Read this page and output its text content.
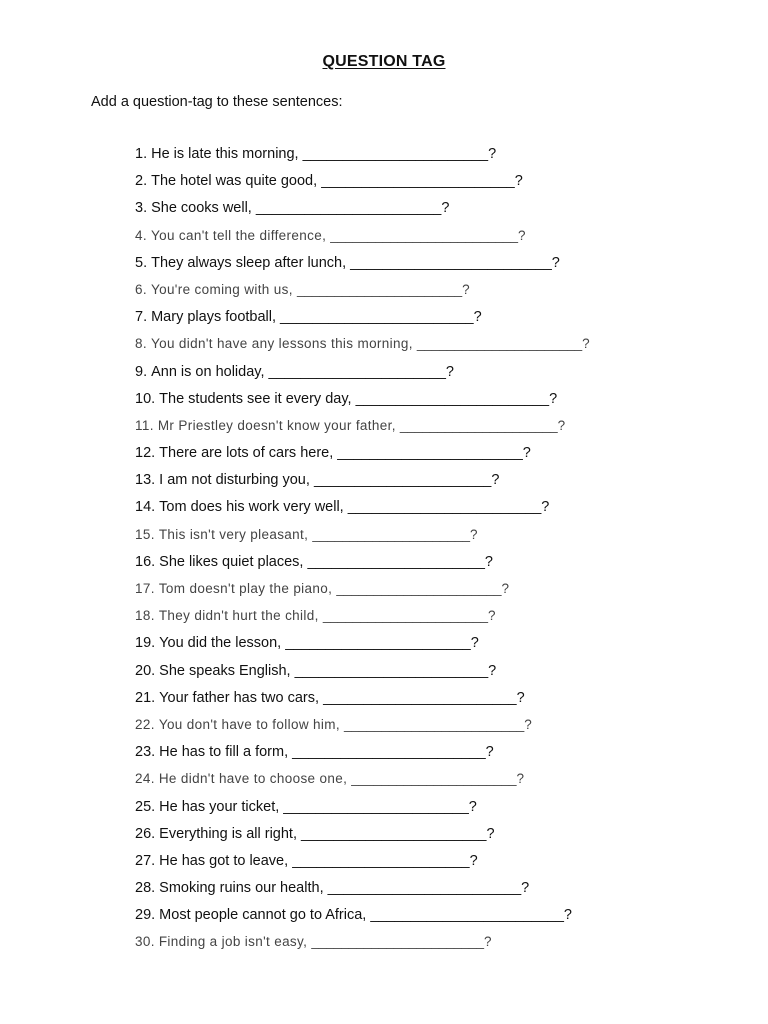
QUESTION TAG
Add a question-tag to these sentences:
1. He is late this morning, _______________________?
2. The hotel was quite good, ________________________?
3. She cooks well, _______________________?
4. You can't tell the difference, _________________________?
5. They always sleep after lunch, _________________________?
6. You're coming with us, ______________________?
7. Mary plays football, ________________________?
8. You didn't have any lessons this morning, ______________________?
9. Ann is on holiday, ______________________?
10. The students see it every day, ________________________?
11. Mr Priestley doesn't know your father, _____________________?
12. There are lots of cars here, _______________________?
13. I am not disturbing you, ______________________?
14. Tom does his work very well, ________________________?
15. This isn't very pleasant, _____________________?
16. She likes quiet places, ______________________?
17. Tom doesn't play the piano, ______________________?
18. They didn't hurt the child, ______________________?
19. You did the lesson, _______________________?
20. She speaks English, ________________________?
21. Your father has two cars, ________________________?
22. You don't have to follow him, ________________________?
23. He has to fill a form, ________________________?
24. He didn't have to choose one, ______________________?
25. He has your ticket, _______________________?
26. Everything is all right, _______________________?
27. He has got to leave, ______________________?
28. Smoking ruins our health, ________________________?
29. Most people cannot go to Africa, ________________________?
30. Finding a job isn't easy, _______________________?
